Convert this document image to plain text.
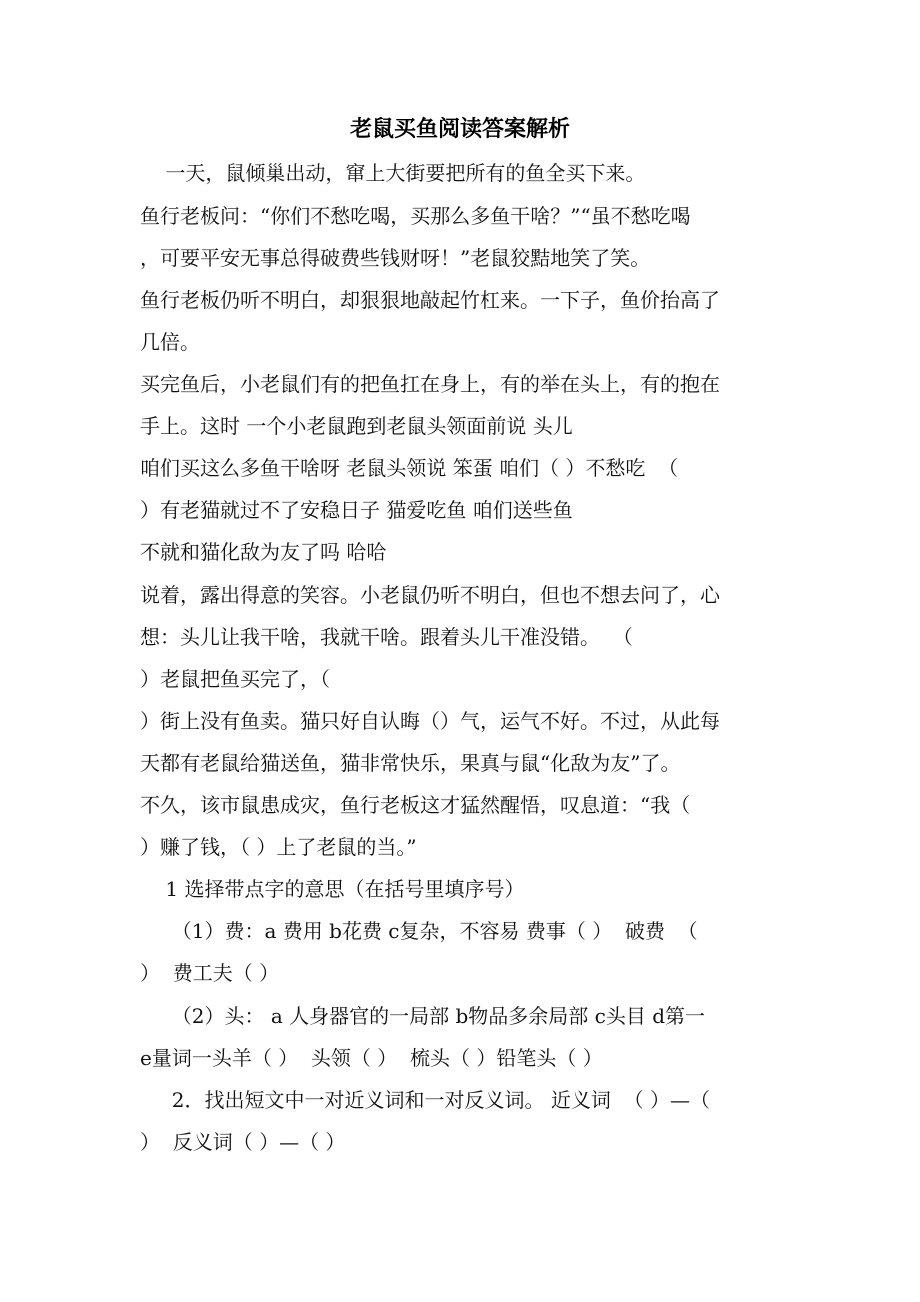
老鼠买鱼阅读答案解析

一天，鼠倾巢出动，窜上大街要把所有的鱼全买下来。

鱼行老板问：“你们不愁吃喝，买那么多鱼干啥？”“虽不愁吃喝

，可要平安无事总得破费些钱财呀！”老鼠狡黠地笑了笑。

鱼行老板仍听不明白，却狠狠地敲起竹杠来。一下子，鱼价抬高了

几倍。

买完鱼后，小老鼠们有的把鱼扛在身上，有的举在头上，有的抱在

手上。这时 一个小老鼠跑到老鼠头领面前说 头儿

咱们买这么多鱼干啥呀 老鼠头领说 笨蛋 咱们（ ）不愁吃  （

）有老猫就过不了安稳日子 猫爱吃鱼 咱们送些鱼

不就和猫化敌为友了吗 哈哈

说着，露出得意的笑容。小老鼠仍听不明白，但也不想去问了，心

想：头儿让我干啥，我就干啥。跟着头儿干准没错。  （

）老鼠把鱼买完了，（

）街上没有鱼卖。猫只好自认晦（）气，运气不好。不过，从此每

天都有老鼠给猫送鱼，猫非常快乐，果真与鼠“化敌为友”了。

不久，该市鼠患成灾，鱼行老板这才猛然醒悟，叹息道：“我（

）赚了钱，（ ）上了老鼠的当。”

1 选择带点字的意思（在括号里填序号）

（1）费：a 费用 b花费 c复杂，不容易 费事（ ）  破费  （

）  费工夫（ ）

（2）头： a 人身器官的一局部 b物品多余局部 c头目 d第一

e量词一头羊（ ）  头领（ ）  梳头（ ）铅笔头（ ）

2．找出短文中一对近义词和一对反义词。 近义词  （ ）—（

）  反义词（ ）—（ ）
